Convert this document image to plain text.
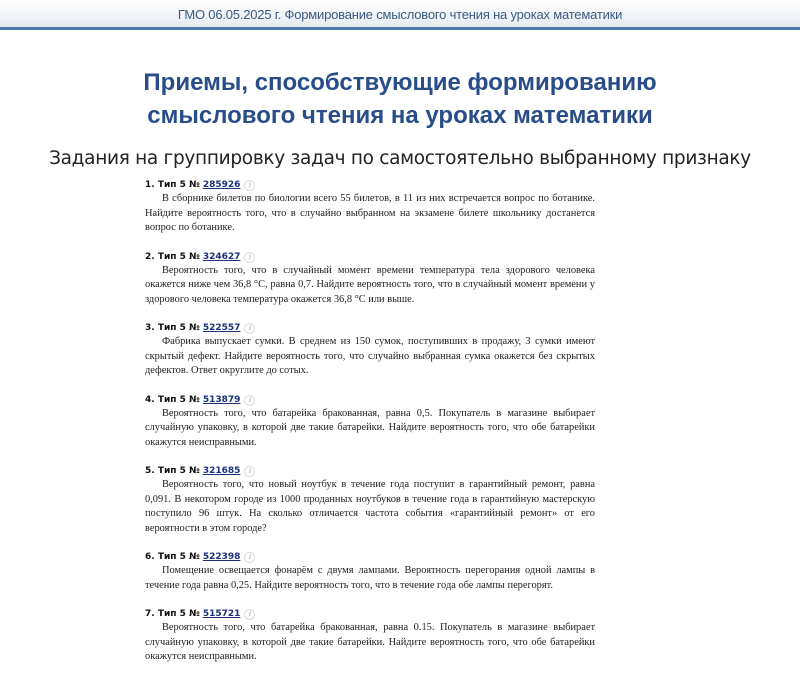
ГМО 06.05.2025 г. Формирование смыслового чтения на уроках математики
Приемы, способствующие формированию
смыслового чтения на уроках математики
Задания на группировку задач по самостоятельно выбранному признаку
1. Тип 5 № 285926 i
В сборнике билетов по биологии всего 55 билетов, в 11 из них встречается вопрос по ботанике. Найдите вероятность того, что в случайно выбранном на экзамене билете школьнику достанется вопрос по ботанике.
2. Тип 5 № 324627 i
Вероятность того, что в случайный момент времени температура тела здорового человека окажется ниже чем 36,8 °С, равна 0,7. Найдите вероятность того, что в случайный момент времени у здорового человека температура окажется 36,8 °С или выше.
3. Тип 5 № 522557 i
Фабрика выпускает сумки. В среднем из 150 сумок, поступивших в продажу, 3 сумки имеют скрытый дефект. Найдите вероятность того, что случайно выбранная сумка окажется без скрытых дефектов. Ответ округлите до сотых.
4. Тип 5 № 513879 i
Вероятность того, что батарейка бракованная, равна 0,5. Покупатель в магазине выбирает случайную упаковку, в которой две такие батарейки. Найдите вероятность того, что обе батарейки окажутся неисправными.
5. Тип 5 № 321685 i
Вероятность того, что новый ноутбук в течение года поступит в гарантийный ремонт, равна 0,091. В некотором городе из 1000 проданных ноутбуков в течение года в гарантийную мастерскую поступило 96 штук. На сколько отличается частота события «гарантийный ремонт» от его вероятности в этом городе?
6. Тип 5 № 522398 i
Помещение освещается фонарём с двумя лампами. Вероятность перегорания одной лампы в течение года равна 0,25. Найдите вероятность того, что в течение года обе лампы перегорят.
7. Тип 5 № 515721 i
Вероятность того, что батарейка бракованная, равна 0.15. Покупатель в магазине выбирает случайную упаковку, в которой две такие батарейки. Найдите вероятность того, что обе батарейки окажутся неисправными.
